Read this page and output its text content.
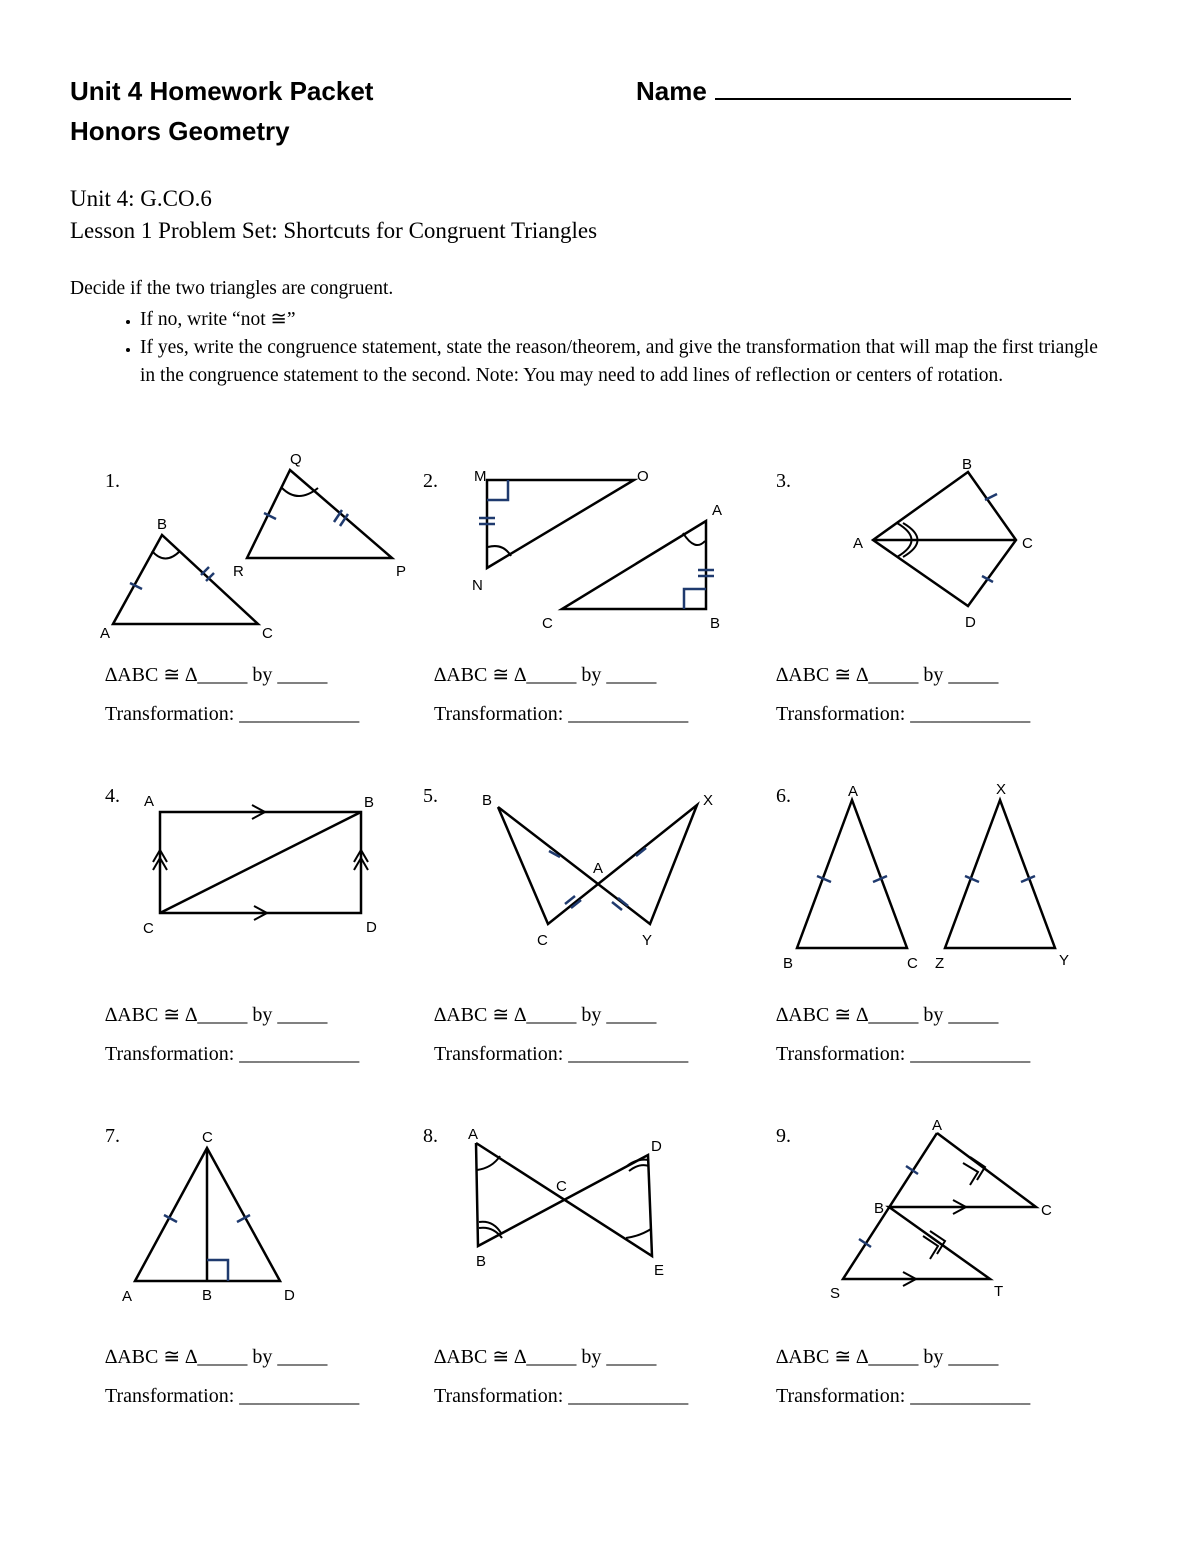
Unit 4 Homework Packet
Honors Geometry
Name
Unit 4: G.CO.6
Lesson 1 Problem Set: Shortcuts for Congruent Triangles
Decide if the two triangles are congruent.
• If no, write “not ≅”
• If yes, write the congruence statement, state the reason/theorem, and give the transformation that will map the first triangle in the congruence statement to the second. Note: You may need to add lines of reflection or centers of rotation.
1.	2.	3.
4.	5.	6.
7.	8.	9.
∆ABC ≅ ∆_____ by _____	∆ABC ≅ ∆_____ by _____	∆ABC ≅ ∆_____ by _____
∆ABC ≅ ∆_____ by _____	∆ABC ≅ ∆_____ by _____	∆ABC ≅ ∆_____ by _____
∆ABC ≅ ∆_____ by _____	∆ABC ≅ ∆_____ by _____	∆ABC ≅ ∆_____ by _____
Transformation: ____________	Transformation: ____________	Transformation: ____________
Transformation: ____________	Transformation: ____________	Transformation: ____________
Transformation: ____________	Transformation: ____________	Transformation: ____________
A
B
C
Q
R	P
M	O
N
A
C	B
B
A	C
D
A	B
C	D
B	X
A
C	Y
A
B	C
X
Z	Y
C
A	B	D
A
D
C
B
E
A
B	C
S	T
